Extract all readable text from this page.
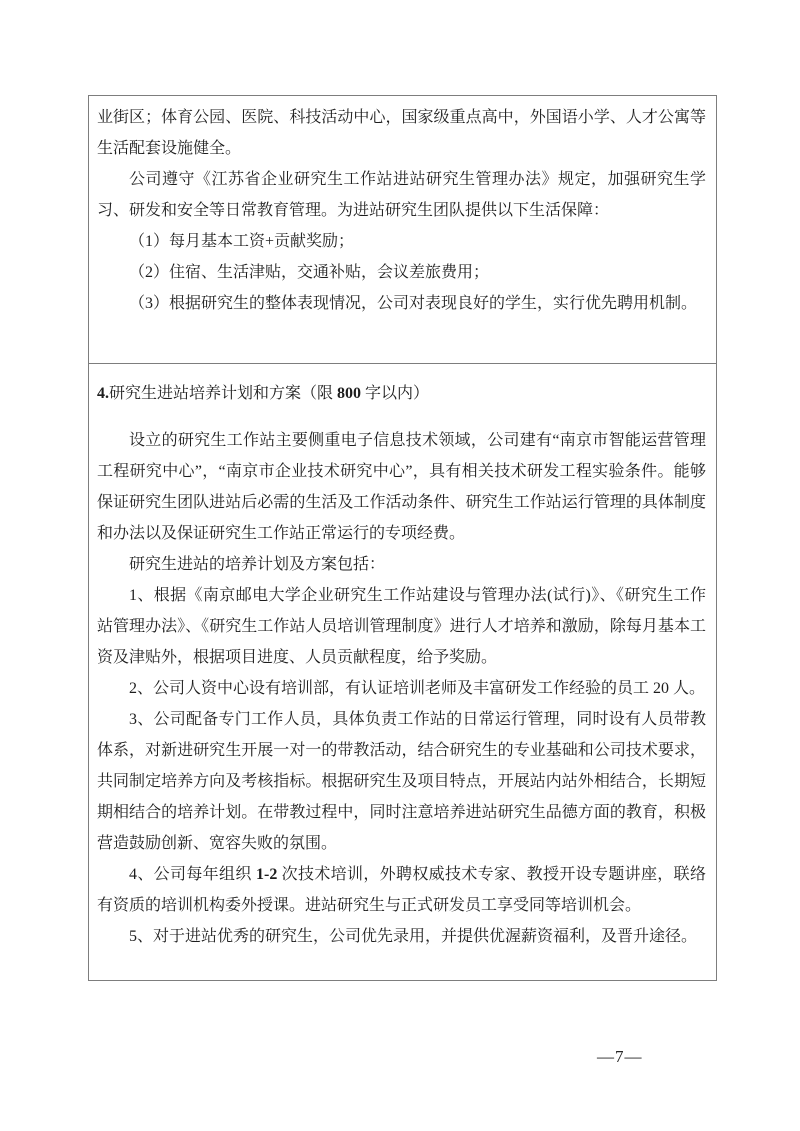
业街区；体育公园、医院、科技活动中心，国家级重点高中，外国语小学、人才公寓等生活配套设施健全。

公司遵守《江苏省企业研究生工作站进站研究生管理办法》规定，加强研究生学习、研发和安全等日常教育管理。为进站研究生团队提供以下生活保障：

（1）每月基本工资+贡献奖励；

（2）住宿、生活津贴，交通补贴，会议差旅费用；

（3）根据研究生的整体表现情况，公司对表现良好的学生，实行优先聘用机制。

4.研究生进站培养计划和方案（限 800 字以内）

设立的研究生工作站主要侧重电子信息技术领域，公司建有“南京市智能运营管理工程研究中心”，“南京市企业技术研究中心”，具有相关技术研发工程实验条件。能够保证研究生团队进站后必需的生活及工作活动条件、研究生工作站运行管理的具体制度和办法以及保证研究生工作站正常运行的专项经费。

研究生进站的培养计划及方案包括：

1、根据《南京邮电大学企业研究生工作站建设与管理办法(试行)》、《研究生工作站管理办法》、《研究生工作站人员培训管理制度》进行人才培养和激励，除每月基本工资及津贴外，根据项目进度、人员贡献程度，给予奖励。

2、公司人资中心设有培训部，有认证培训老师及丰富研发工作经验的员工 20 人。

3、公司配备专门工作人员，具体负责工作站的日常运行管理，同时设有人员带教体系，对新进研究生开展一对一的带教活动，结合研究生的专业基础和公司技术要求，共同制定培养方向及考核指标。根据研究生及项目特点，开展站内站外相结合，长期短期相结合的培养计划。在带教过程中，同时注意培养进站研究生品德方面的教育，积极营造鼓励创新、宽容失败的氛围。

4、公司每年组织 1-2 次技术培训，外聘权威技术专家、教授开设专题讲座，联络有资质的培训机构委外授课。进站研究生与正式研发员工享受同等培训机会。

5、对于进站优秀的研究生，公司优先录用，并提供优渥薪资福利，及晋升途径。

—7—
